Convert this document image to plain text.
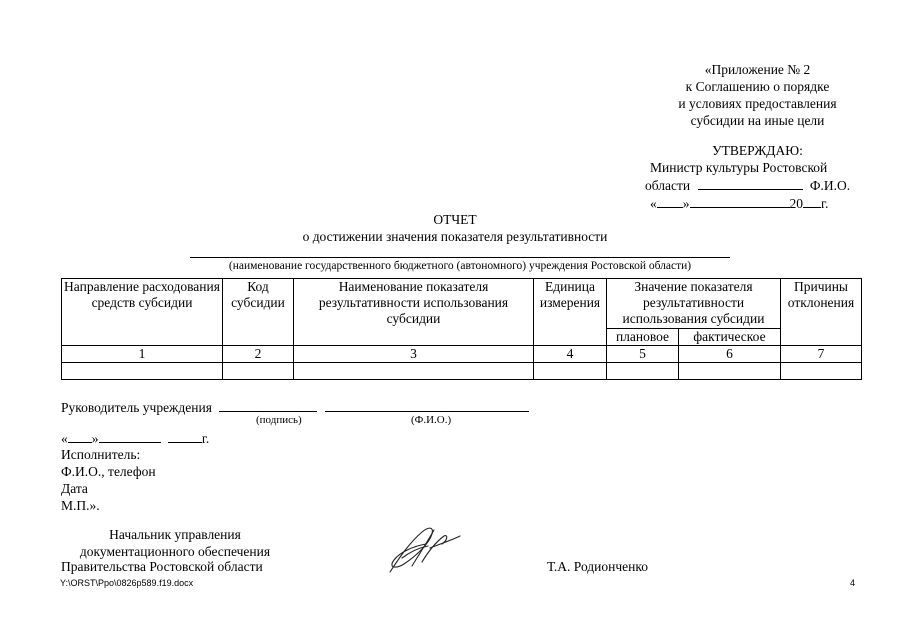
«Приложение № 2
к Соглашению о порядке
и условиях предоставления
субсидии на иные цели
УТВЕРЖДАЮ:
Министр культуры Ростовской
области	Ф.И.О.
« »	20 г.
ОТЧЕТ
о достижении значения показателя результативности
(наименование государственного бюджетного (автономного) учреждения Ростовской области)
Направление расходования средств субсидии	Код субсидии	Наименование показателя результативности использования субсидии	Единица измерения	Значение показателя результативности использования субсидии		Причины отклонения
				плановое	фактическое	
1	2	3	4	5	6	7

Руководитель учреждения
(подпись)	(Ф.И.О.)
« »	г.
Исполнитель:
Ф.И.О., телефон
Дата
М.П.».
Начальник управления
документационного обеспечения
Правительства Ростовской области	Т.А. Родионченко
Y:\ORST\Ppo\0826p589.f19.docx	4
